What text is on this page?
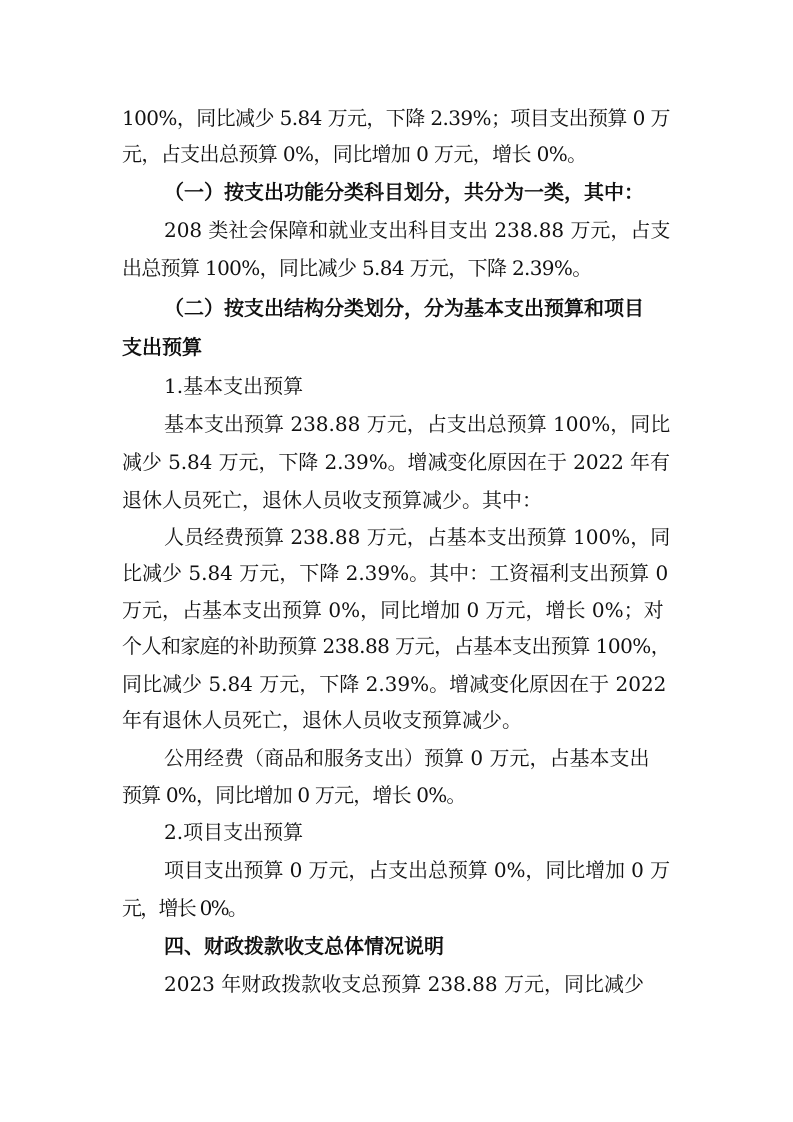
100%，同比减少 5.84 万元，下降 2.39%；项目支出预算 0 万
元，占支出总预算 0%，同比增加 0 万元，增长 0%。
（一）按支出功能分类科目划分，共分为一类，其中：
208 类社会保障和就业支出科目支出 238.88 万元，占支
出总预算 100%，同比减少 5.84 万元，下降 2.39%。
（二）按支出结构分类划分，分为基本支出预算和项目
支出预算
1.基本支出预算
基本支出预算 238.88 万元，占支出总预算 100%，同比
减少 5.84 万元，下降 2.39%。增减变化原因在于 2022 年有
退休人员死亡，退休人员收支预算减少。其中：
人员经费预算 238.88 万元，占基本支出预算 100%，同
比减少 5.84 万元，下降 2.39%。其中：工资福利支出预算 0
万元，占基本支出预算 0%，同比增加 0 万元，增长 0%；对
个人和家庭的补助预算 238.88 万元，占基本支出预算 100%，
同比减少 5.84 万元，下降 2.39%。增减变化原因在于 2022
年有退休人员死亡，退休人员收支预算减少。
公用经费（商品和服务支出）预算 0 万元，占基本支出
预算 0%，同比增加 0 万元，增长 0%。
2.项目支出预算
项目支出预算 0 万元，占支出总预算 0%，同比增加 0 万
元，增长 0%。
四、财政拨款收支总体情况说明
2023 年财政拨款收支总预算 238.88 万元，同比减少
